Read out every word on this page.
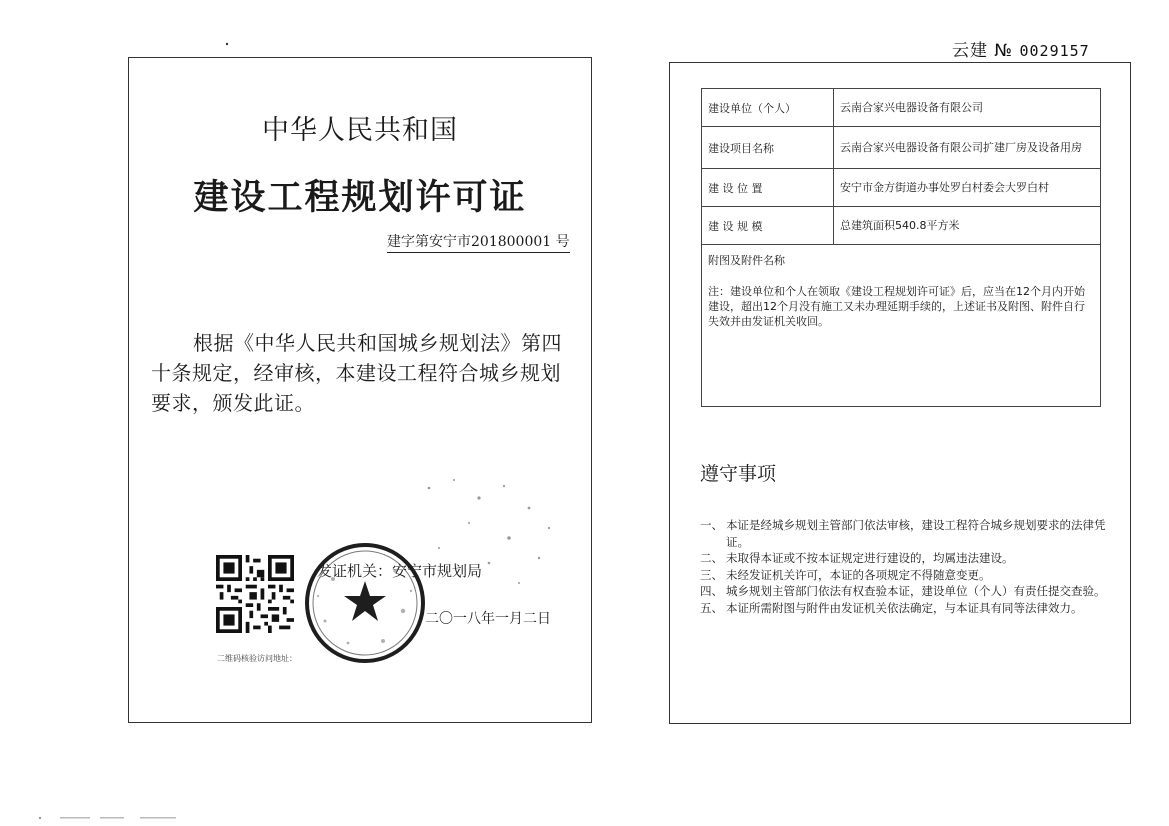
云建 № 0029157
中华人民共和国
建设工程规划许可证
建字第安宁市201800001 号
根据《中华人民共和国城乡规划法》第四十条规定，经审核，本建设工程符合城乡规划要求，颁发此证。
二维码核验访问地址：
发证机关：安宁市规划局
二〇一八年一月二日
建设单位（个人）	云南合家兴电器设备有限公司
建设项目名称	云南合家兴电器设备有限公司扩建厂房及设备用房
建 设 位 置	安宁市金方街道办事处罗白村委会大罗白村
建 设 规 模	总建筑面积540.8平方米

附图及附件名称
注：建设单位和个人在领取《建设工程规划许可证》后，应当在12个月内开始建设，超出12个月没有施工又未办理延期手续的，上述证书及附图、附件自行失效并由发证机关收回。	
遵守事项
一、 本证是经城乡规划主管部门依法审核，建设工程符合城乡规划要求的法律凭证。
二、 未取得本证或不按本证规定进行建设的，均属违法建设。
三、 未经发证机关许可，本证的各项规定不得随意变更。
四、 城乡规划主管部门依法有权查验本证，建设单位（个人）有责任提交查验。
五、 本证所需附图与附件由发证机关依法确定，与本证具有同等法律效力。
